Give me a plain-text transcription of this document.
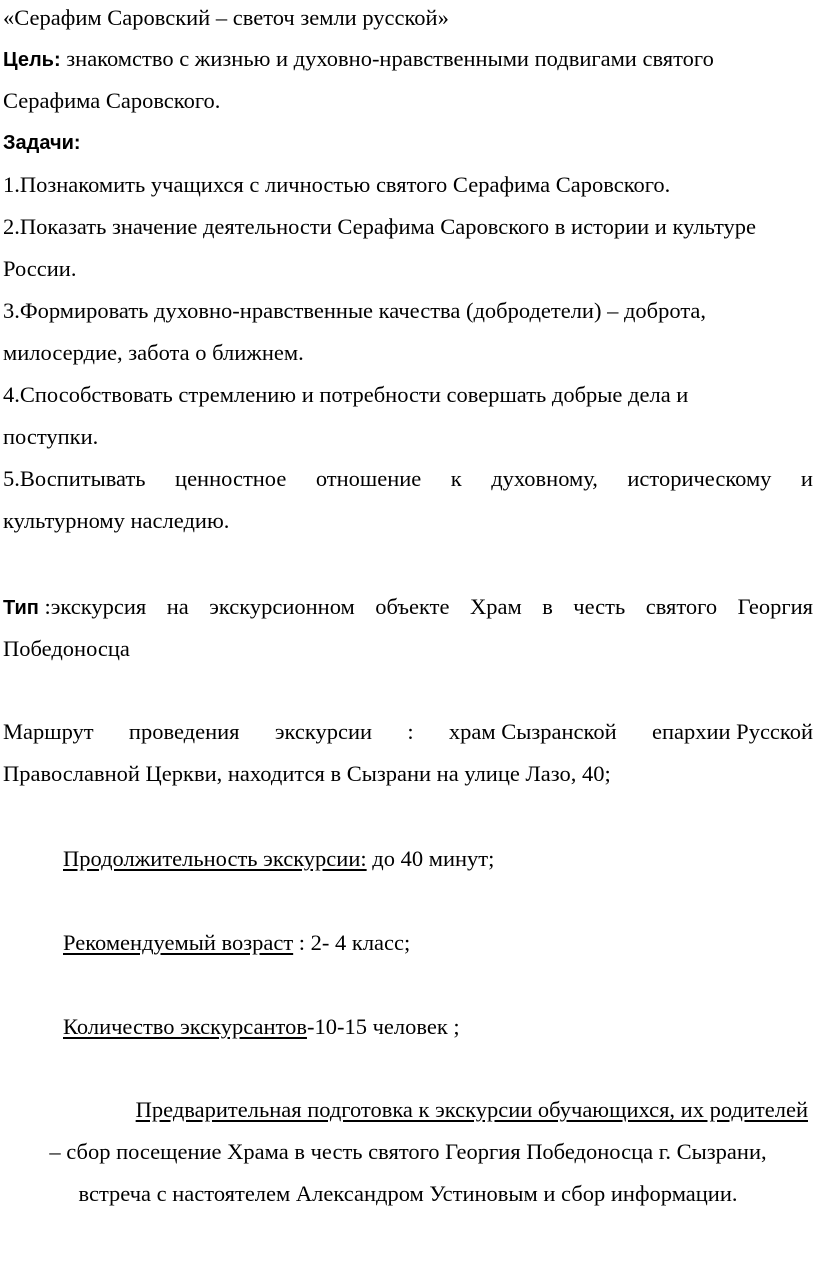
«Серафим Саровский – светоч земли русской»
Цель: знакомство с жизнью и духовно-нравственными подвигами святого
Серафима Саровского.
Задачи:
1.Познакомить учащихся с личностью святого Серафима Саровского.
2.Показать значение деятельности Серафима Саровского в истории и культуре
России.
3.Формировать духовно-нравственные качества (добродетели) – доброта,
милосердие, забота о ближнем.
4.Способствовать стремлению и потребности совершать добрые дела и
поступки.
5.Воспитывать ценностное отношение к духовному, историческому и
культурному наследию.
Тип :экскурсия на экскурсионном объекте Храм в честь святого Георгия
Победоносца
Маршрут проведения экскурсии : храм Сызранской епархии Русской
Православной Церкви, находится в Сызрани на улице Лазо, 40;
Продолжительность экскурсии: до 40 минут;
Рекомендуемый возраст : 2- 4 класс;
Количество экскурсантов-10-15 человек ;
Предварительная подготовка к экскурсии обучающихся, их родителей
– сбор посещение Храма в честь святого Георгия Победоносца г. Сызрани,
встреча с настоятелем Александром Устиновым и сбор информации.
